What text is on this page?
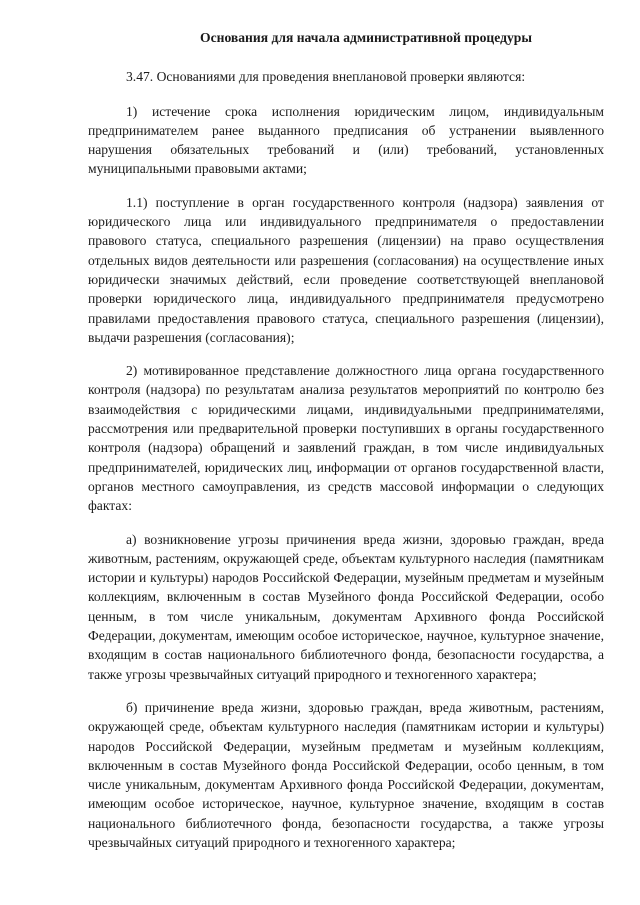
Основания для начала административной процедуры

3.47. Основаниями для проведения внеплановой проверки являются:

1) истечение срока исполнения юридическим лицом, индивидуальным предпринимателем ранее выданного предписания об устранении выявленного нарушения обязательных требований и (или) требований, установленных муниципальными правовыми актами;

1.1) поступление в орган государственного контроля (надзора) заявления от юридического лица или индивидуального предпринимателя о предоставлении правового статуса, специального разрешения (лицензии) на право осуществления отдельных видов деятельности или разрешения (согласования) на осуществление иных юридически значимых действий, если проведение соответствующей внеплановой проверки юридического лица, индивидуального предпринимателя предусмотрено правилами предоставления правового статуса, специального разрешения (лицензии), выдачи разрешения (согласования);

2) мотивированное представление должностного лица органа государственного контроля (надзора) по результатам анализа результатов мероприятий по контролю без взаимодействия с юридическими лицами, индивидуальными предпринимателями, рассмотрения или предварительной проверки поступивших в органы государственного контроля (надзора) обращений и заявлений граждан, в том числе индивидуальных предпринимателей, юридических лиц, информации от органов государственной власти, органов местного самоуправления, из средств массовой информации о следующих фактах:

а) возникновение угрозы причинения вреда жизни, здоровью граждан, вреда животным, растениям, окружающей среде, объектам культурного наследия (памятникам истории и культуры) народов Российской Федерации, музейным предметам и музейным коллекциям, включенным в состав Музейного фонда Российской Федерации, особо ценным, в том числе уникальным, документам Архивного фонда Российской Федерации, документам, имеющим особое историческое, научное, культурное значение, входящим в состав национального библиотечного фонда, безопасности государства, а также угрозы чрезвычайных ситуаций природного и техногенного характера;

б) причинение вреда жизни, здоровью граждан, вреда животным, растениям, окружающей среде, объектам культурного наследия (памятникам истории и культуры) народов Российской Федерации, музейным предметам и музейным коллекциям, включенным в состав Музейного фонда Российской Федерации, особо ценным, в том числе уникальным, документам Архивного фонда Российской Федерации, документам, имеющим особое историческое, научное, культурное значение, входящим в состав национального библиотечного фонда, безопасности государства, а также угрозы чрезвычайных ситуаций природного и техногенного характера;
